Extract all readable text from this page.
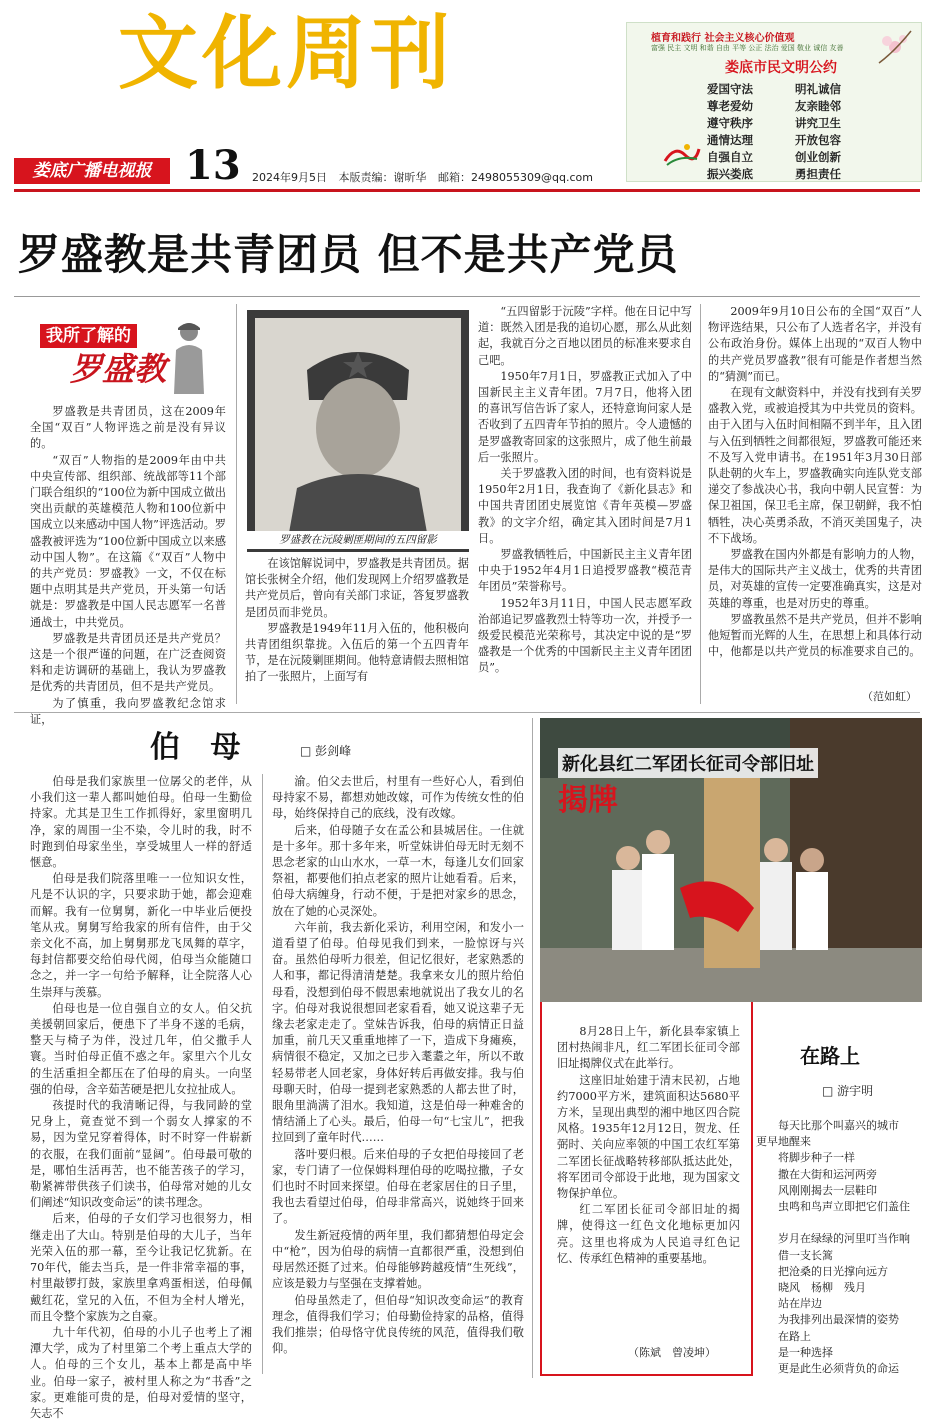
文化周刊
娄底广播电视报 13 2024年9月5日 本版责编：谢昕华 邮箱：2498055309@qq.com
植育和践行 社会主义核心价值观
富强 民主 文明 和谐 自由 平等 公正 法治 爱国 敬业 诚信 友善
娄底市民文明公约
爱国守法	明礼诚信
尊老爱幼	友亲睦邻
遵守秩序	讲究卫生
通情达理	开放包容
自强自立	创业创新
振兴娄底	勇担责任
罗盛教是共青团员 但不是共产党员
我所了解的
罗盛教

罗盛教是共青团员，这在2009年全国“双百”人物评选之前是没有异议的。

“双百”人物指的是2009年由中共中央宣传部、组织部、统战部等11个部门联合组织的“100位为新中国成立做出突出贡献的英雄模范人物和100位新中国成立以来感动中国人物”评选活动。罗盛教被评选为“100位新中国成立以来感动中国人物”。在这篇《“双百”人物中的共产党员：罗盛教》一文，不仅在标题中点明其是共产党员，开头第一句话就是：罗盛教是中国人民志愿军一名普通战士，中共党员。

罗盛教是共青团员还是共产党员？这是一个很严谨的问题，在广泛查阅资料和走访调研的基础上，我认为罗盛教是优秀的共青团员，但不是共产党员。

为了慎重，我向罗盛教纪念馆求证，

罗盛教在沅陵剿匪期间的五四留影

在该馆解说词中，罗盛教是共青团员。据馆长张树全介绍，他们发现网上介绍罗盛教是共产党员后，曾向有关部门求证，答复罗盛教是团员而非党员。

罗盛教是1949年11月入伍的，他积极向共青团组织靠拢。入伍后的第一个五四青年节，是在沅陵剿匪期间。他特意请假去照相馆拍了一张照片，上面写有

“五四留影于沅陵”字样。他在日记中写道：既然入团是我的追切心愿，那么从此刻起，我就百分之百地以团员的标准来要求自己吧。

1950年7月1日，罗盛教正式加入了中国新民主主义青年团。7月7日，他将入团的喜讯写信告诉了家人，还特意询问家人是否收到了五四青年节拍的照片。令人遗憾的是罗盛教寄回家的这张照片，成了他生前最后一张照片。

关于罗盛教入团的时间，也有资料说是1950年2月1日，我查询了《新化县志》和中国共青团团史展览馆《青年英模—罗盛教》的文字介绍，确定其入团时间是7月1日。

罗盛教牺牲后，中国新民主主义青年团中央于1952年4月1日追授罗盛教“模范青年团员”荣誉称号。

1952年3月11日，中国人民志愿军政治部追记罗盛教烈士特等功一次，并授予一级爱民模范光荣称号，其决定中说的是“罗盛教是一个优秀的中国新民主主义青年团团员”。

2009年9月10日公布的全国“双百”人物评选结果，只公布了人选者名字，并没有公布政治身份。媒体上出现的“双百人物中的共产党员罗盛教”很有可能是作者想当然的“猜测”而已。

在现有文献资料中，并没有找到有关罗盛教入党，或被追授其为中共党员的资料。由于入团与入伍时间相隔不到半年，且入团与入伍到牺牲之间都很短，罗盛教可能还来不及写入党申请书。在1951年3月30日部队赴朝的火车上，罗盛教确实向连队党支部递交了参战决心书，我向中朝人民宣誓：为保卫祖国，保卫毛主席，保卫朝鲜，我不怕牺牲，决心英勇杀敌，不消灭美国鬼子，决不下战场。

罗盛教在国内外都是有影响力的人物，是伟大的国际共产主义战士，优秀的共青团员，对英雄的宣传一定要准确真实，这是对英雄的尊重，也是对历史的尊重。

罗盛教虽然不是共产党员，但并不影响他短暂而光辉的人生，在思想上和具体行动中，他都是以共产党员的标准要求自己的。

（范如虹）
伯 母	□ 彭剑峰

伯母是我们家族里一位孱父的老伴，从小我们这一辈人都叫她伯母。伯母一生勤俭持家。尤其是卫生工作抓得好，家里窗明几净，家的周围一尘不染，令儿时的我，时不时跑到伯母家坐坐，享受城里人一样的舒适惬意。

伯母是我们院落里唯一一位知识女性，凡是不认识的字，只要求助于她，都会迎难而解。我有一位舅舅，新化一中毕业后便投笔从戎。舅舅写给我家的所有信件，由于父亲文化不高，加上舅舅那龙飞凤舞的草字，每封信都要交给伯母代阅，伯母当众能随口念之，并一字一句给予解释，让全院落人心生崇拜与羡慕。

伯母也是一位自强自立的女人。伯父抗美援朝回家后，便患下了半身不遂的毛病，整天与椅子为伴，没过几年，伯父撒手人寰。当时伯母正值不惑之年。家里六个儿女的生活重担全都压在了伯母的肩头。一向坚强的伯母，含辛茹苦硬是把儿女拉扯成人。

孩提时代的我清晰记得，与我同龄的堂兄身上，竟查觉不到一个弱女人撑家的不易，因为堂兄穿着得体，时不时穿一件崭新的衣服，在我们面前“显阔”。伯母最可敬的是，哪怕生活再苦，也不能苦孩子的学习，勒紧裤带供孩子们读书，伯母常对她的儿女们阐述“知识改变命运”的读书理念。

后来，伯母的子女们学习也很努力，相继走出了大山。特别是伯母的大儿子，当年光荣入伍的那一幕，至今让我记忆犹新。在70年代，能去当兵，是一件非常幸福的事，村里敲锣打鼓，家族里拿鸡蛋相送，伯母佩戴红花，堂兄的入伍，不但为全村人增光，而且令整个家族为之自豪。

九十年代初，伯母的小儿子也考上了湘潭大学，成为了村里第二个考上重点大学的人。伯母的三个女儿，基本上都是高中毕业。伯母一家子，被村里人称之为“书香”之家。更难能可贵的是，伯母对爱情的坚守，矢志不

渝。伯父去世后，村里有一些好心人，看到伯母持家不易，都想劝她改嫁，可作为传统女性的伯母，始终保持自己的底线，没有改嫁。

后来，伯母随子女在孟公和县城居住。一住就是十多年。那十多年来，听堂妹讲伯母无时无刻不思念老家的山山水水，一草一木，每逢儿女们回家祭祖，都要他们拍点老家的照片让她看看。后来，伯母大病缠身，行动不便，于是把对家乡的思念，放在了她的心灵深处。

六年前，我去新化采访，利用空闲，和发小一道看望了伯母。伯母见我们到来，一脸惊讶与兴奋。虽然伯母听力很差，但记忆很好，老家熟悉的人和事，都记得清清楚楚。我拿来女儿的照片给伯母看，没想到伯母不假思索地就说出了我女儿的名字。伯母对我说很想回老家看看，她又说这辈子无缘去老家走走了。堂妹告诉我，伯母的病情正日益加重，前几天又重重地摔了一下，造成下身瘫痪，病情很不稳定，又加之已步入耄耋之年，所以不敢轻易带老人回老家，身体好转后再做安排。我与伯母聊天时，伯母一提到老家熟悉的人都去世了时，眼角里淌满了泪水。我知道，这是伯母一种难舍的情结涌上了心头。最后，伯母一句“七宝儿”，把我拉回到了童年时代……

落叶要归根。后来伯母的子女把伯母接回了老家，专门请了一位保姆料理伯母的吃喝拉撒，子女们也时不时回来探望。伯母在老家居住的日子里，我也去看望过伯母，伯母非常高兴，说她终于回来了。

发生新冠疫情的两年里，我们都猜想伯母定会中“枪”，因为伯母的病情一直都很严重，没想到伯母居然还挺了过来。伯母能够跨越疫情“生死线”，应该是毅力与坚强在支撑着她。

伯母虽然走了，但伯母“知识改变命运”的教育理念，值得我们学习；伯母勤俭持家的品格，值得我们推崇；伯母恪守优良传统的风范，值得我们敬仰。

新化县红二军团长征司令部旧址
揭牌

8月28日上午，新化县奉家镇上团村热闹非凡，红二军团长征司令部旧址揭牌仪式在此举行。

这座旧址始建于清末民初，占地约7000平方米，建筑面积达5680平方米，呈现出典型的湘中地区四合院风格。1935年12月12日，贺龙、任弼时、关向应率领的中国工农红军第二军团长征战略转移部队抵达此处，将军团司令部设于此地，现为国家文物保护单位。

红二军团长征司令部旧址的揭牌，使得这一红色文化地标更加闪亮。这里也将成为人民追寻红色记忆、传承红色精神的重要基地。

（陈斌　曾凌坤）
在路上
□ 游宇明

每天比那个叫嘉兴的城市

更早地醒来

将脚步种子一样

撒在大街和运河两旁

风刚刚揭去一层鞋印

虫鸣和鸟声立即把它们盖住

岁月在绿绿的河里叮当作响

借一支长篙

把沧桑的日光撑向远方

晓风　杨柳　残月

站在岸边

为我排列出最深情的姿势

在路上

是一种选择

更是此生必须背负的命运
